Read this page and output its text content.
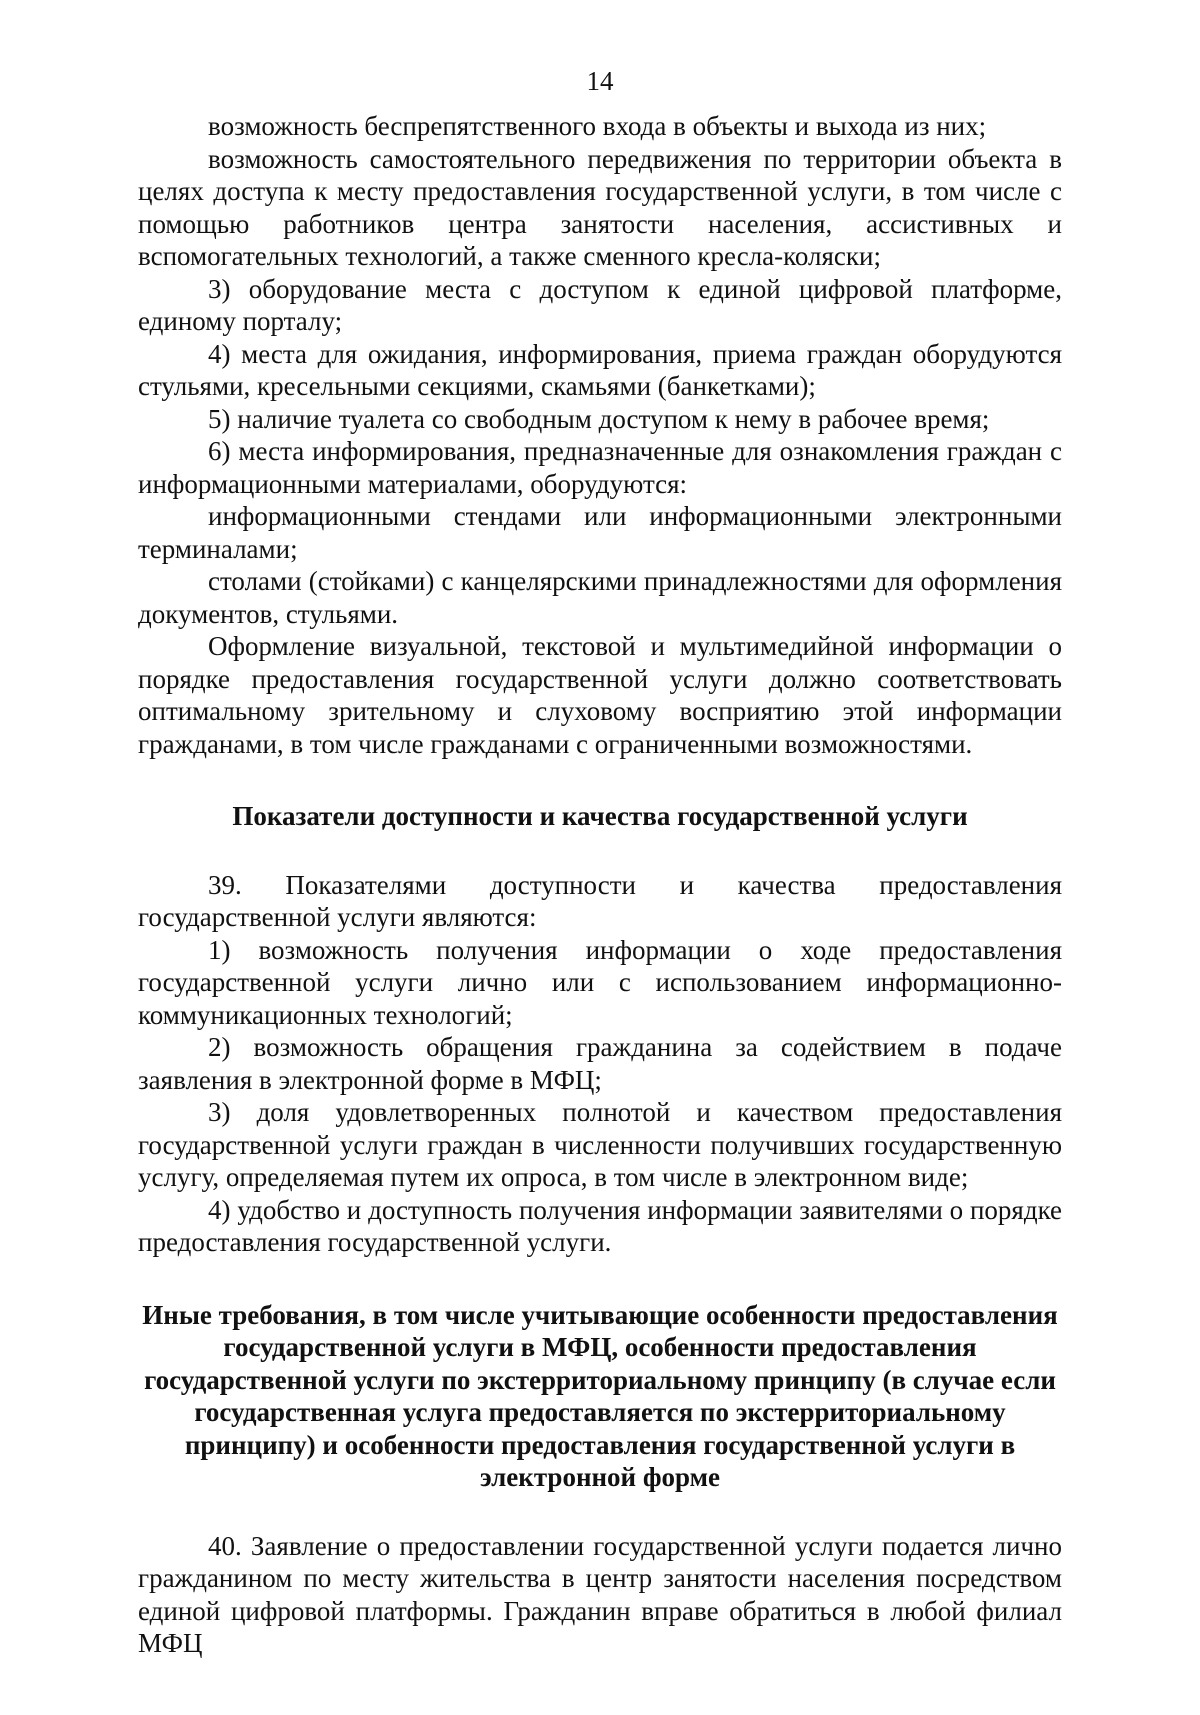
14

возможность беспрепятственного входа в объекты и выхода из них;

возможность самостоятельного передвижения по территории объекта в целях доступа к месту предоставления государственной услуги, в том числе с помощью работников центра занятости населения, ассистивных и вспомогательных технологий, а также сменного кресла-коляски;

3) оборудование места с доступом к единой цифровой платформе, единому порталу;

4) места для ожидания, информирования, приема граждан оборудуются стульями, кресельными секциями, скамьями (банкетками);

5) наличие туалета со свободным доступом к нему в рабочее время;

6) места информирования, предназначенные для ознакомления граждан с информационными материалами, оборудуются:

информационными стендами или информационными электронными терминалами;

столами (стойками) с канцелярскими принадлежностями для оформления документов, стульями.

Оформление визуальной, текстовой и мультимедийной информации о порядке предоставления государственной услуги должно соответствовать оптимальному зрительному и слуховому восприятию этой информации гражданами, в том числе гражданами с ограниченными возможностями.

Показатели доступности и качества государственной услуги

39. Показателями доступности и качества предоставления государственной услуги являются:

1) возможность получения информации о ходе предоставления государственной услуги лично или с использованием информационно-коммуникационных технологий;

2) возможность обращения гражданина за содействием в подаче заявления в электронной форме в МФЦ;

3) доля удовлетворенных полнотой и качеством предоставления государственной услуги граждан в численности получивших государственную услугу, определяемая путем их опроса, в том числе в электронном виде;

4) удобство и доступность получения информации заявителями о порядке предоставления государственной услуги.

Иные требования, в том числе учитывающие особенности предоставления государственной услуги в МФЦ, особенности предоставления государственной услуги по экстерриториальному принципу (в случае если государственная услуга предоставляется по экстерриториальному принципу) и особенности предоставления государственной услуги в электронной форме

40. Заявление о предоставлении государственной услуги подается лично гражданином по месту жительства в центр занятости населения посредством единой цифровой платформы. Гражданин вправе обратиться в любой филиал МФЦ
